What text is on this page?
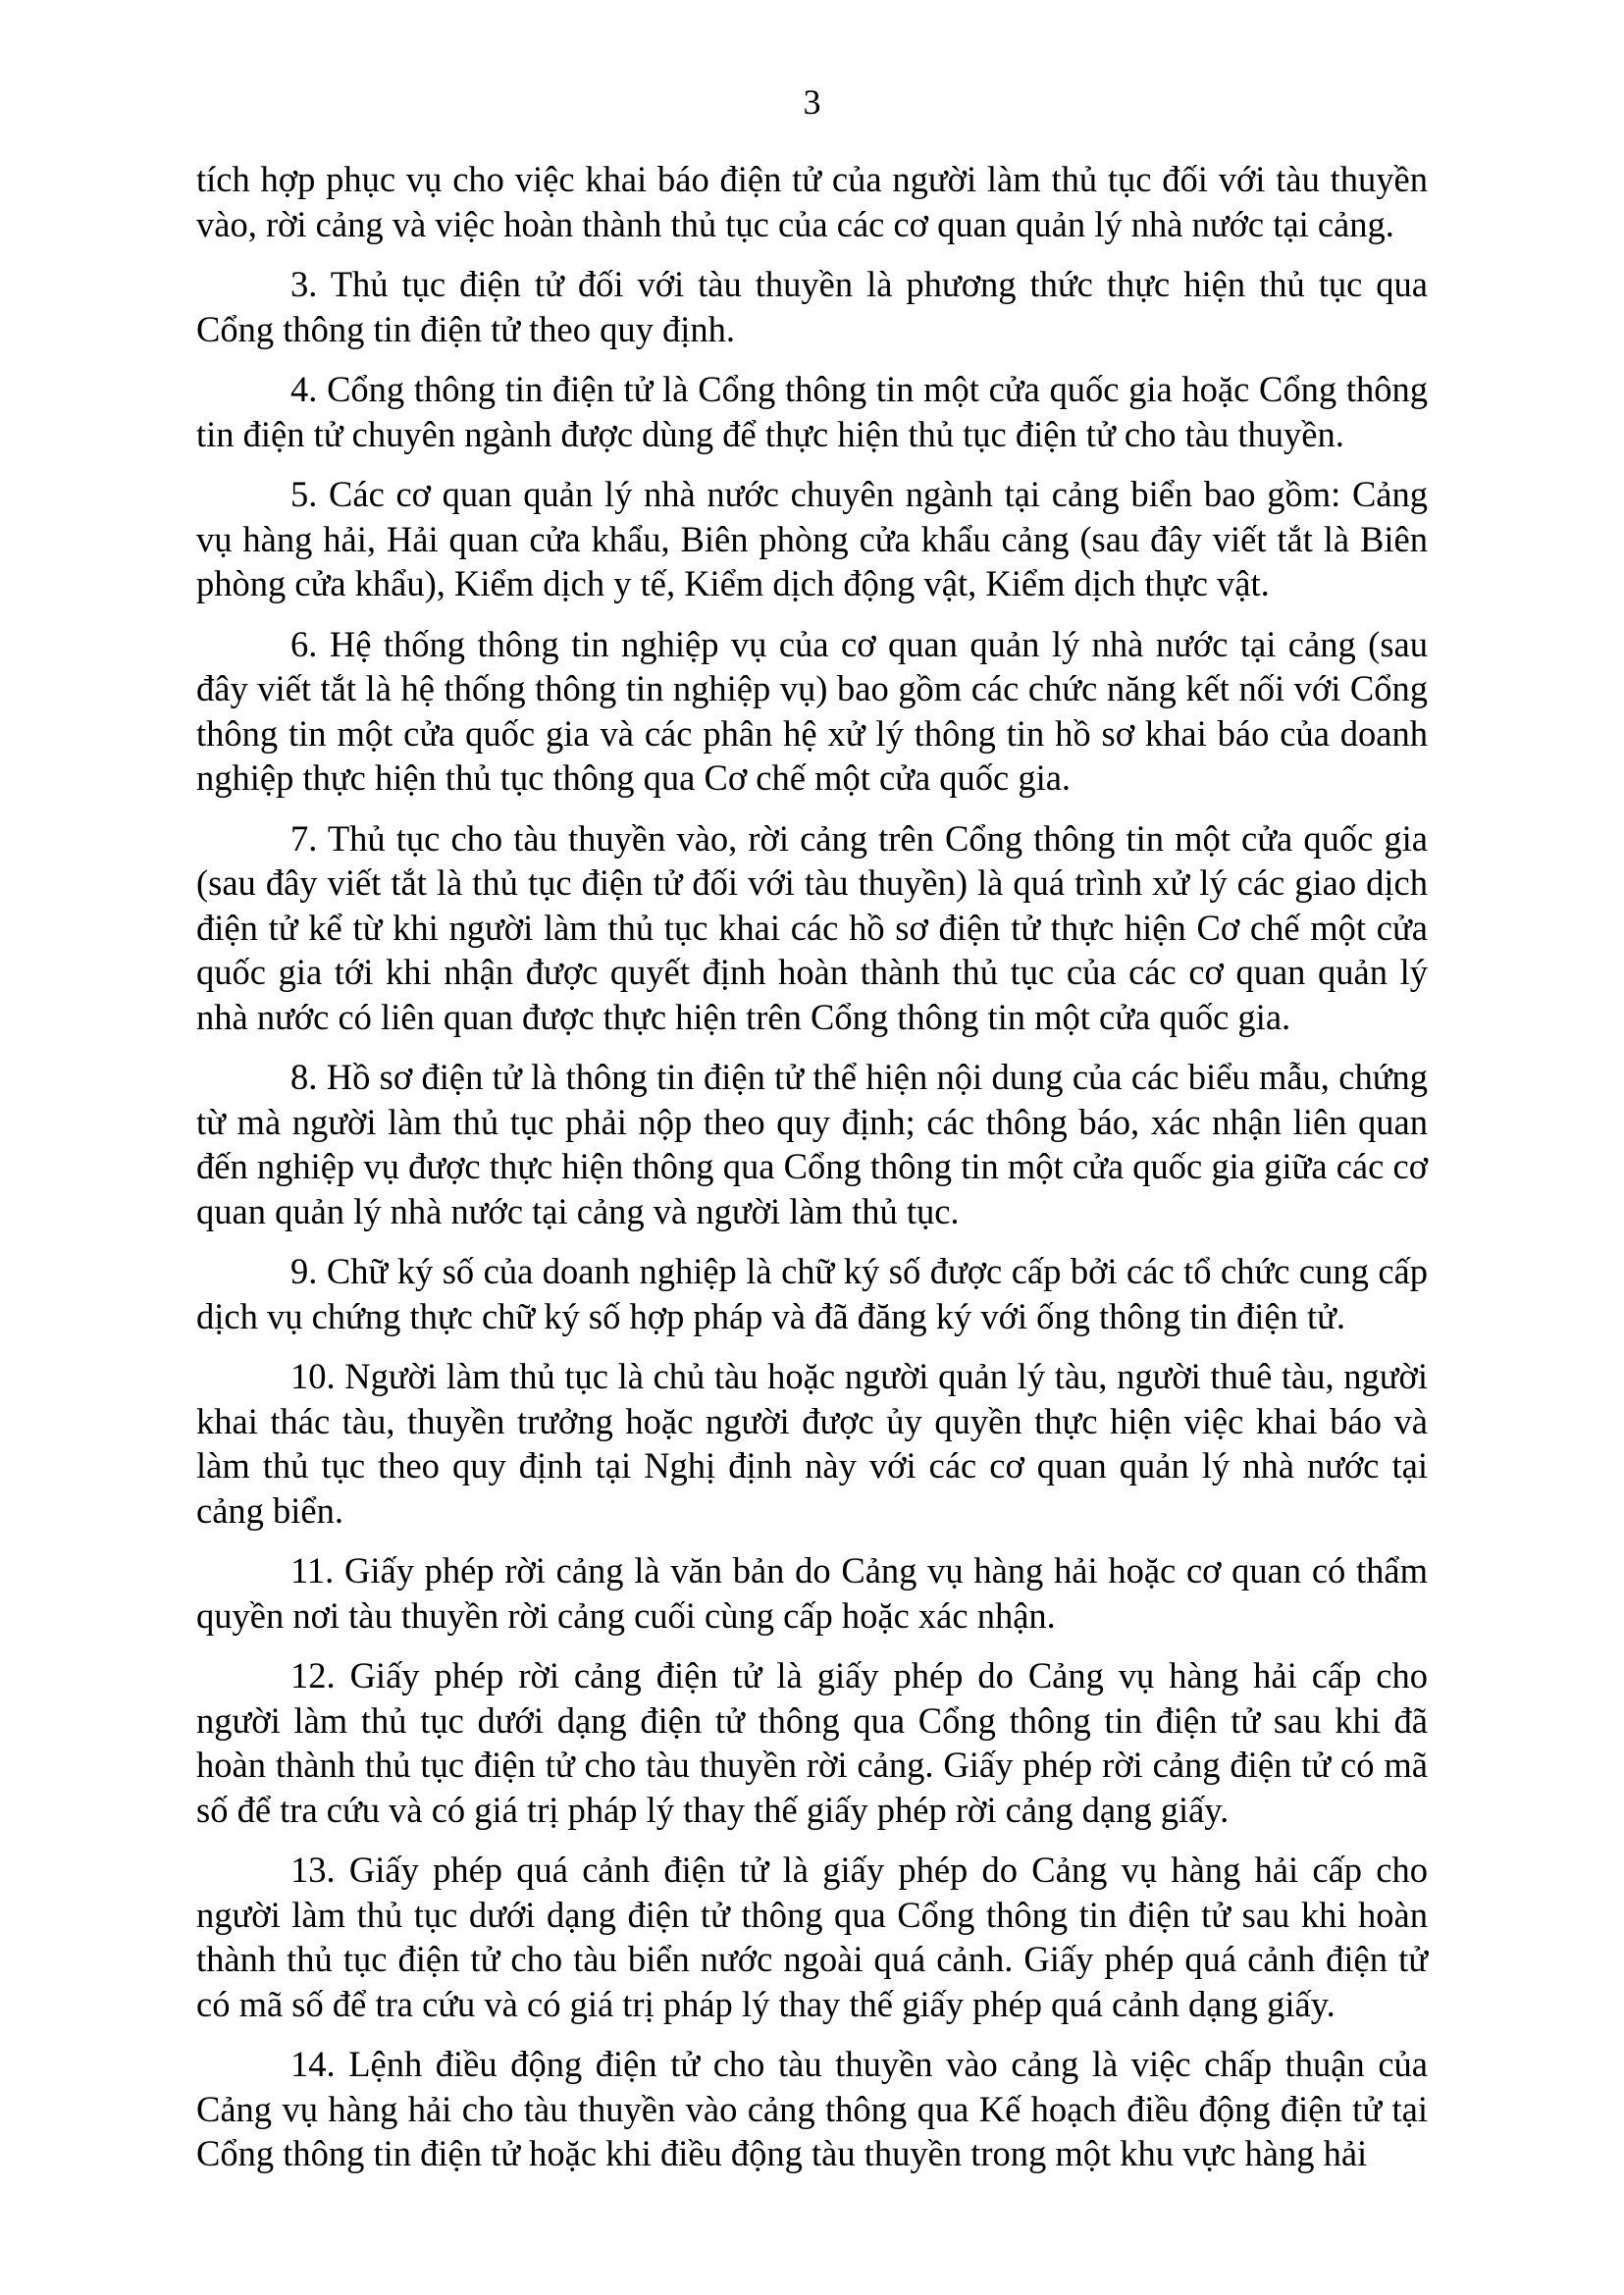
3

tích hợp phục vụ cho việc khai báo điện tử của người làm thủ tục đối với tàu thuyền vào, rời cảng và việc hoàn thành thủ tục của các cơ quan quản lý nhà nước tại cảng.

3. Thủ tục điện tử đối với tàu thuyền là phương thức thực hiện thủ tục qua Cổng thông tin điện tử theo quy định.

4. Cổng thông tin điện tử là Cổng thông tin một cửa quốc gia hoặc Cổng thông tin điện tử chuyên ngành được dùng để thực hiện thủ tục điện tử cho tàu thuyền.

5. Các cơ quan quản lý nhà nước chuyên ngành tại cảng biển bao gồm: Cảng vụ hàng hải, Hải quan cửa khẩu, Biên phòng cửa khẩu cảng (sau đây viết tắt là Biên phòng cửa khẩu), Kiểm dịch y tế, Kiểm dịch động vật, Kiểm dịch thực vật.

6. Hệ thống thông tin nghiệp vụ của cơ quan quản lý nhà nước tại cảng (sau đây viết tắt là hệ thống thông tin nghiệp vụ) bao gồm các chức năng kết nối với Cổng thông tin một cửa quốc gia và các phân hệ xử lý thông tin hồ sơ khai báo của doanh nghiệp thực hiện thủ tục thông qua Cơ chế một cửa quốc gia.

7. Thủ tục cho tàu thuyền vào, rời cảng trên Cổng thông tin một cửa quốc gia (sau đây viết tắt là thủ tục điện tử đối với tàu thuyền) là quá trình xử lý các giao dịch điện tử kể từ khi người làm thủ tục khai các hồ sơ điện tử thực hiện Cơ chế một cửa quốc gia tới khi nhận được quyết định hoàn thành thủ tục của các cơ quan quản lý nhà nước có liên quan được thực hiện trên Cổng thông tin một cửa quốc gia.

8. Hồ sơ điện tử là thông tin điện tử thể hiện nội dung của các biểu mẫu, chứng từ mà người làm thủ tục phải nộp theo quy định; các thông báo, xác nhận liên quan đến nghiệp vụ được thực hiện thông qua Cổng thông tin một cửa quốc gia giữa các cơ quan quản lý nhà nước tại cảng và người làm thủ tục.

9. Chữ ký số của doanh nghiệp là chữ ký số được cấp bởi các tổ chức cung cấp dịch vụ chứng thực chữ ký số hợp pháp và đã đăng ký với ống thông tin điện tử.

10. Người làm thủ tục là chủ tàu hoặc người quản lý tàu, người thuê tàu, người khai thác tàu, thuyền trưởng hoặc người được ủy quyền thực hiện việc khai báo và làm thủ tục theo quy định tại Nghị định này với các cơ quan quản lý nhà nước tại cảng biển.

11. Giấy phép rời cảng là văn bản do Cảng vụ hàng hải hoặc cơ quan có thẩm quyền nơi tàu thuyền rời cảng cuối cùng cấp hoặc xác nhận.

12. Giấy phép rời cảng điện tử là giấy phép do Cảng vụ hàng hải cấp cho người làm thủ tục dưới dạng điện tử thông qua Cổng thông tin điện tử sau khi đã hoàn thành thủ tục điện tử cho tàu thuyền rời cảng. Giấy phép rời cảng điện tử có mã số để tra cứu và có giá trị pháp lý thay thế giấy phép rời cảng dạng giấy.

13. Giấy phép quá cảnh điện tử là giấy phép do Cảng vụ hàng hải cấp cho người làm thủ tục dưới dạng điện tử thông qua Cổng thông tin điện tử sau khi hoàn thành thủ tục điện tử cho tàu biển nước ngoài quá cảnh. Giấy phép quá cảnh điện tử có mã số để tra cứu và có giá trị pháp lý thay thế giấy phép quá cảnh dạng giấy.

14. Lệnh điều động điện tử cho tàu thuyền vào cảng là việc chấp thuận của Cảng vụ hàng hải cho tàu thuyền vào cảng thông qua Kế hoạch điều động điện tử tại Cổng thông tin điện tử hoặc khi điều động tàu thuyền trong một khu vực hàng hải
